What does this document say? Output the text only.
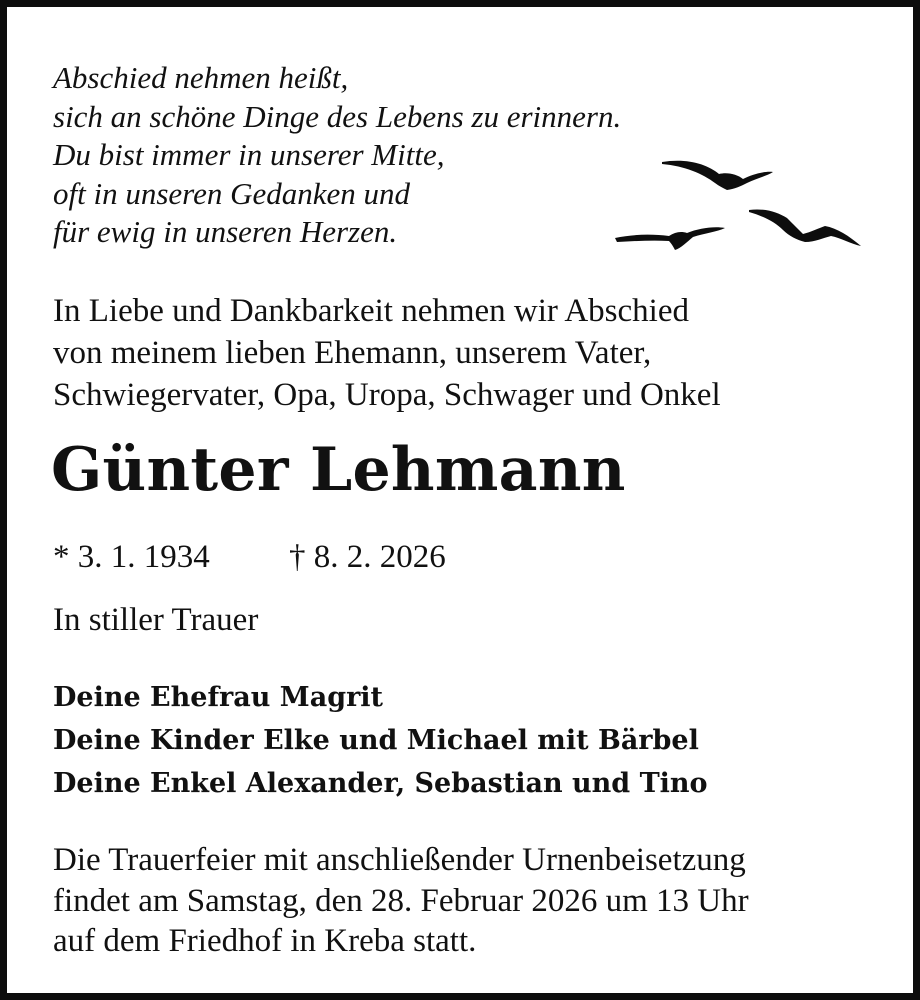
Abschied nehmen heißt,
sich an schöne Dinge des Lebens zu erinnern.
Du bist immer in unserer Mitte,
oft in unseren Gedanken und
für ewig in unseren Herzen.
In Liebe und Dankbarkeit nehmen wir Abschied
von meinem lieben Ehemann, unserem Vater,
Schwiegervater, Opa, Uropa, Schwager und Onkel
Günter Lehmann
* 3. 1. 1934 † 8. 2. 2026
In stiller Trauer
Deine Ehefrau Magrit
Deine Kinder Elke und Michael mit Bärbel
Deine Enkel Alexander, Sebastian und Tino
Die Trauerfeier mit anschließender Urnenbeisetzung
findet am Samstag, den 28. Februar 2026 um 13 Uhr
auf dem Friedhof in Kreba statt.
